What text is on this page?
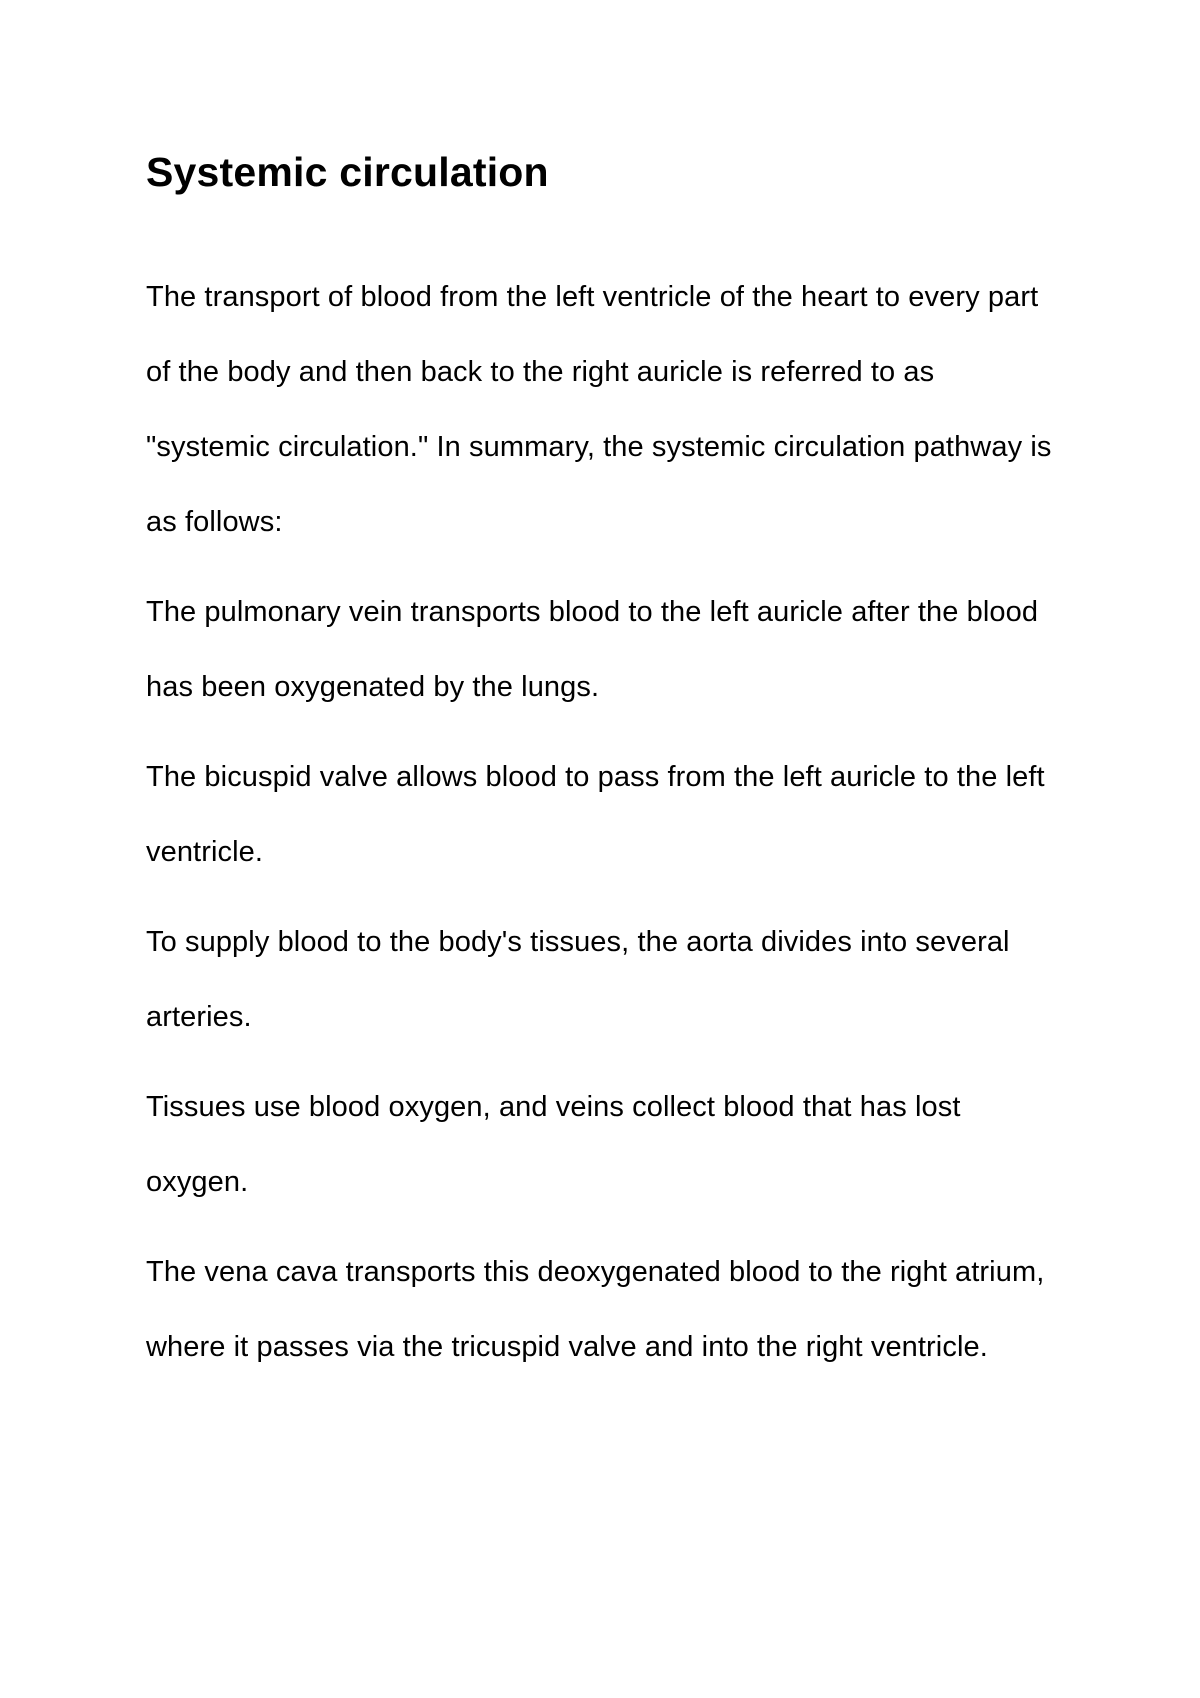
Systemic circulation

The transport of blood from the left ventricle of the heart to every part of the body and then back to the right auricle is referred to as "systemic circulation." In summary, the systemic circulation pathway is as follows:

The pulmonary vein transports blood to the left auricle after the blood has been oxygenated by the lungs.

The bicuspid valve allows blood to pass from the left auricle to the left ventricle.

To supply blood to the body's tissues, the aorta divides into several arteries.

Tissues use blood oxygen, and veins collect blood that has lost oxygen.

The vena cava transports this deoxygenated blood to the right atrium, where it passes via the tricuspid valve and into the right ventricle.
